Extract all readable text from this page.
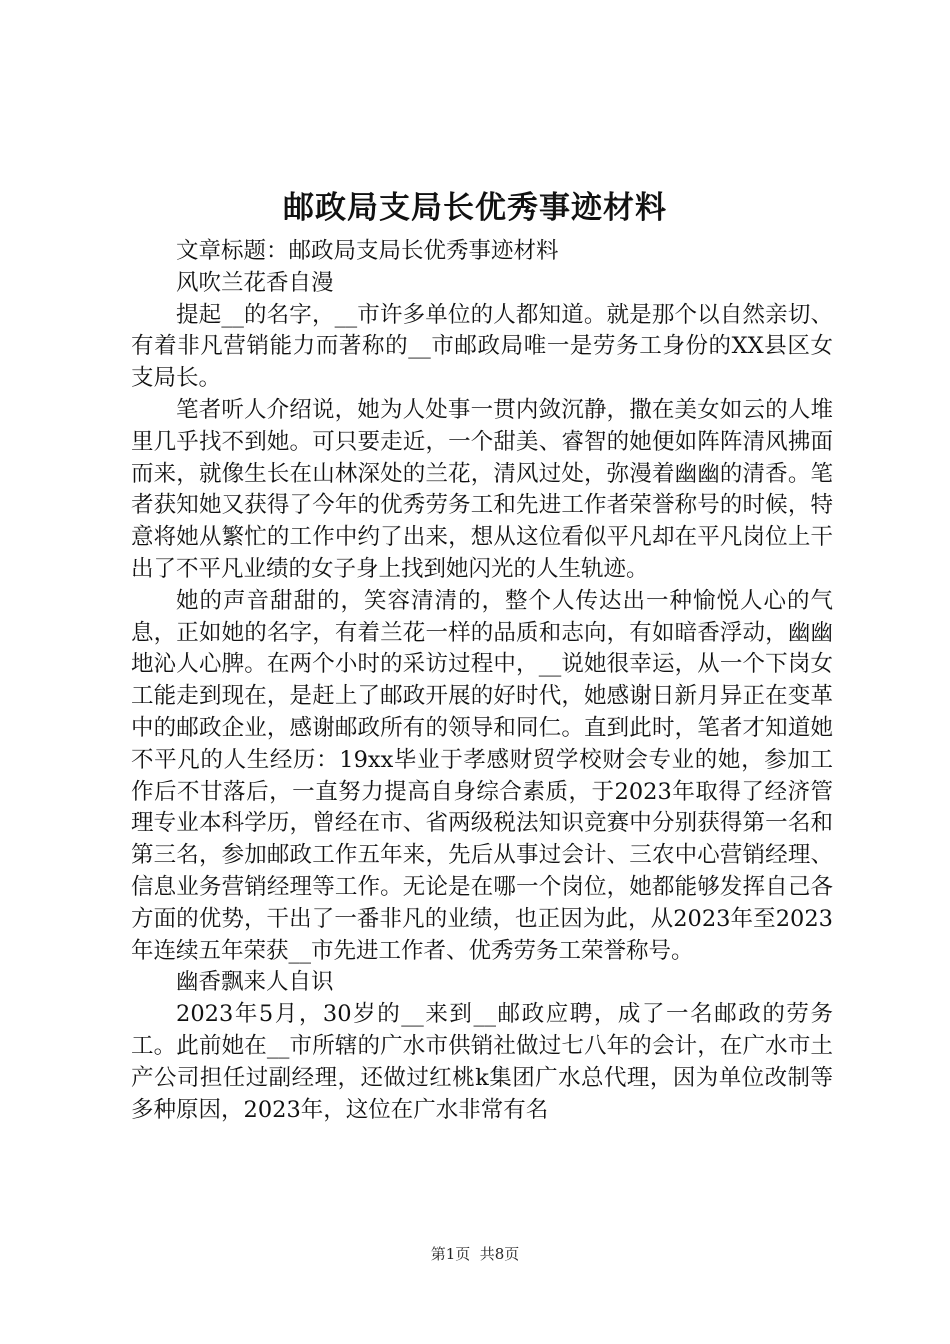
邮政局支局长优秀事迹材料

文章标题：邮政局支局长优秀事迹材料

风吹兰花香自漫

提起__的名字，__市许多单位的人都知道。就是那个以自然亲切、有着非凡营销能力而著称的__市邮政局唯一是劳务工身份的XX县区女支局长。

笔者听人介绍说，她为人处事一贯内敛沉静，撒在美女如云的人堆里几乎找不到她。可只要走近，一个甜美、睿智的她便如阵阵清风拂面而来，就像生长在山林深处的兰花，清风过处，弥漫着幽幽的清香。笔者获知她又获得了今年的优秀劳务工和先进工作者荣誉称号的时候，特意将她从繁忙的工作中约了出来，想从这位看似平凡却在平凡岗位上干出了不平凡业绩的女子身上找到她闪光的人生轨迹。

她的声音甜甜的，笑容清清的，整个人传达出一种愉悦人心的气息，正如她的名字，有着兰花一样的品质和志向，有如暗香浮动，幽幽地沁人心脾。在两个小时的采访过程中，__说她很幸运，从一个下岗女工能走到现在，是赶上了邮政开展的好时代，她感谢日新月异正在变革中的邮政企业，感谢邮政所有的领导和同仁。直到此时，笔者才知道她不平凡的人生经历：19xx毕业于孝感财贸学校财会专业的她，参加工作后不甘落后，一直努力提高自身综合素质，于2023年取得了经济管理专业本科学历，曾经在市、省两级税法知识竞赛中分别获得第一名和第三名，参加邮政工作五年来，先后从事过会计、三农中心营销经理、信息业务营销经理等工作。无论是在哪一个岗位，她都能够发挥自己各方面的优势，干出了一番非凡的业绩，也正因为此，从2023年至2023年连续五年荣获__市先进工作者、优秀劳务工荣誉称号。

幽香飘来人自识

2023年5月，30岁的__来到__邮政应聘，成了一名邮政的劳务工。此前她在__市所辖的广水市供销社做过七八年的会计，在广水市土产公司担任过副经理，还做过红桃k集团广水总代理，因为单位改制等多种原因，2023年，这位在广水非常有名

第1页  共8页
